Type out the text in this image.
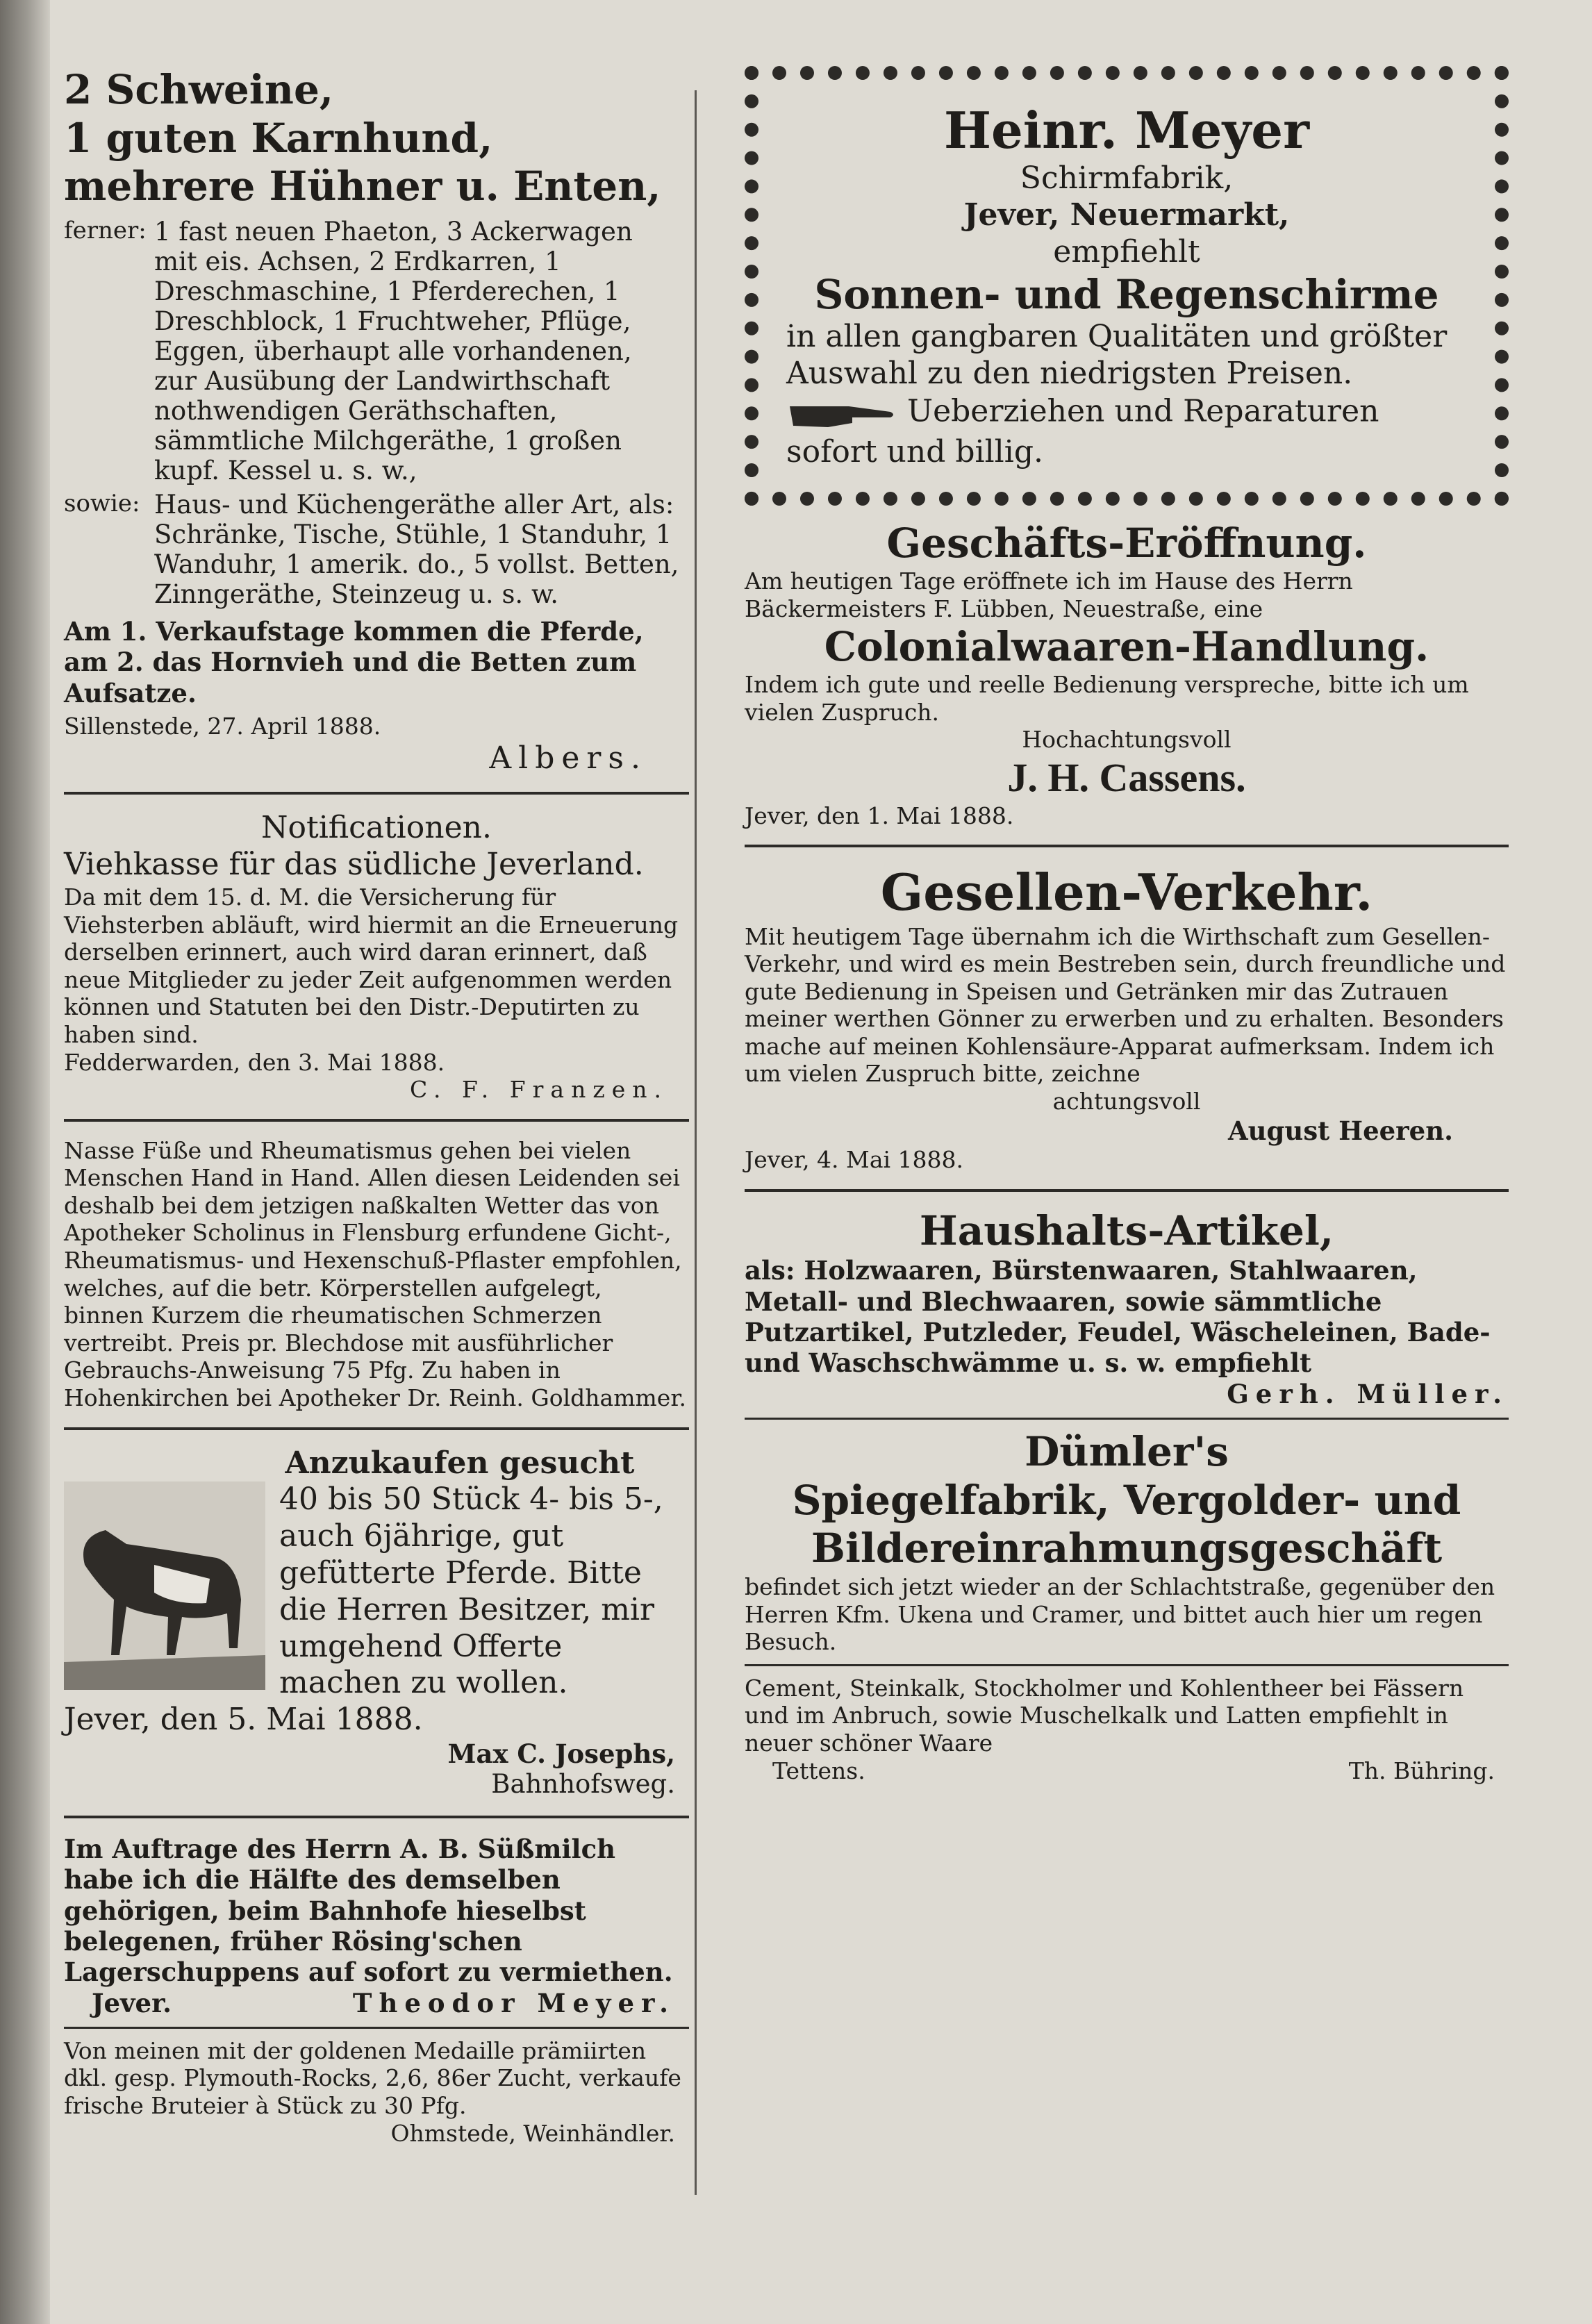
2 Schweine,

1 guten Karnhund,

mehrere Hühner u. Enten,

ferner: 1 fast neuen Phaeton, 3 Ackerwagen mit eis. Achsen, 2 Erdkarren, 1 Dreschmaschine, 1 Pferderechen, 1 Dreschblock, 1 Fruchtweher, Pflüge, Eggen, überhaupt alle vorhandenen, zur Ausübung der Landwirthschaft nothwendigen Geräthschaften, sämmtliche Milchgeräthe, 1 großen kupf. Kessel u. s. w.,
sowie: Haus- und Küchengeräthe aller Art, als: Schränke, Tische, Stühle, 1 Standuhr, 1 Wanduhr, 1 amerik. do., 5 vollst. Betten, Zinngeräthe, Steinzeug u. s. w.

Am 1. Verkaufstage kommen die Pferde, am 2. das Hornvieh und die Betten zum Aufsatze.

Sillenstede, 27. April 1888.

Albers.

Notificationen.

Viehkasse für das südliche Jeverland.

Da mit dem 15. d. M. die Versicherung für Viehsterben abläuft, wird hiermit an die Erneuerung derselben erinnert, auch wird daran erinnert, daß neue Mitglieder zu jeder Zeit aufgenommen werden können und Statuten bei den Distr.-Deputirten zu haben sind.

Fedderwarden, den 3. Mai 1888.

C. F. Franzen.

Nasse Füße und Rheumatismus gehen bei vielen Menschen Hand in Hand. Allen diesen Leidenden sei deshalb bei dem jetzigen naßkalten Wetter das von Apotheker Scholinus in Flensburg erfundene Gicht-, Rheumatismus- und Hexenschuß-Pflaster empfohlen, welches, auf die betr. Körperstellen aufgelegt, binnen Kurzem die rheumatischen Schmerzen vertreibt. Preis pr. Blechdose mit ausführlicher Gebrauchs-Anweisung 75 Pfg. Zu haben in Hohenkirchen bei Apotheker Dr. Reinh. Goldhammer.

Anzukaufen gesucht

40 bis 50 Stück 4- bis 5-, auch 6jährige, gut gefütterte Pferde. Bitte die Herren Besitzer, mir umgehend Offerte machen zu wollen.

Jever, den 5. Mai 1888.

Max C. Josephs,

Bahnhofsweg.

Im Auftrage des Herrn A. B. Süßmilch habe ich die Hälfte des demselben gehörigen, beim Bahnhofe hieselbst belegenen, früher Rösing'schen Lagerschuppens auf sofort zu vermiethen.

Jever.	Theodor Meyer.

Von meinen mit der goldenen Medaille prämiirten dkl. gesp. Plymouth-Rocks, 2,6, 86er Zucht, verkaufe frische Bruteier à Stück zu 30 Pfg.

Ohmstede, Weinhändler.

Heinr. Meyer

Schirmfabrik,

Jever, Neuermarkt,

empfiehlt

Sonnen- und Regenschirme

in allen gangbaren Qualitäten und größter Auswahl zu den niedrigsten Preisen.

Ueberziehen und Reparaturen sofort und billig.

Geschäfts-Eröffnung.

Am heutigen Tage eröffnete ich im Hause des Herrn Bäckermeisters F. Lübben, Neuestraße, eine

Colonialwaaren-Handlung.

Indem ich gute und reelle Bedienung verspreche, bitte ich um vielen Zuspruch.

Hochachtungsvoll

J. H. Cassens.

Jever, den 1. Mai 1888.

Gesellen-Verkehr.

Mit heutigem Tage übernahm ich die Wirthschaft zum Gesellen-Verkehr, und wird es mein Bestreben sein, durch freundliche und gute Bedienung in Speisen und Getränken mir das Zutrauen meiner werthen Gönner zu erwerben und zu erhalten. Besonders mache auf meinen Kohlensäure-Apparat aufmerksam. Indem ich um vielen Zuspruch bitte, zeichne

achtungsvoll

August Heeren.

Jever, 4. Mai 1888.

Haushalts-Artikel,

als: Holzwaaren, Bürstenwaaren, Stahlwaaren, Metall- und Blechwaaren, sowie sämmtliche Putzartikel, Putzleder, Feudel, Wäscheleinen, Bade- und Waschschwämme u. s. w. empfiehlt

Gerh. Müller.

Dümler's

Spiegelfabrik, Vergolder- und

Bildereinrahmungsgeschäft

befindet sich jetzt wieder an der Schlachtstraße, gegenüber den Herren Kfm. Ukena und Cramer, und bittet auch hier um regen Besuch.

Cement, Steinkalk, Stockholmer und Kohlentheer bei Fässern und im Anbruch, sowie Muschelkalk und Latten empfiehlt in neuer schöner Waare

Tettens.	Th. Bühring.
